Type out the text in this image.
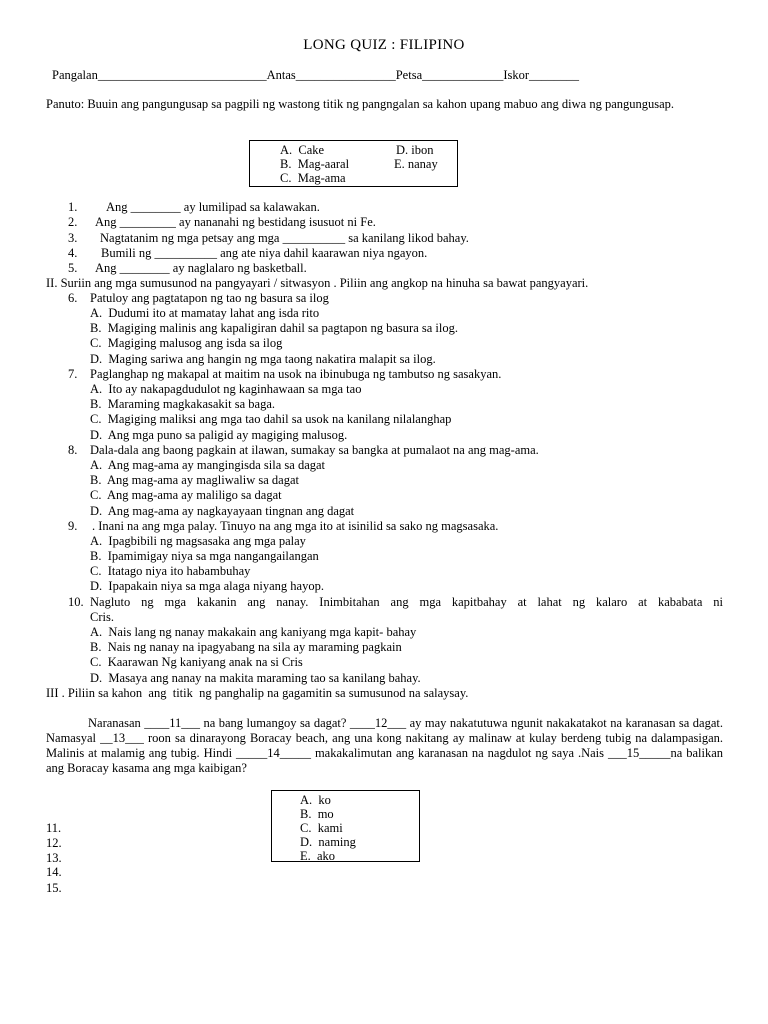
LONG QUIZ : FILIPINO
Pangalan___________________________Antas________________Petsa_____________Iskor________
Panuto: Buuin ang pangungusap sa pagpili ng wastong titik ng pangngalan sa kahon upang mabuo ang diwa ng pangungusap.
A.  Cake
B.  Mag-aaral
C.  Mag-ama
D. ibon
E. nanay
1. Ang ________ ay lumilipad sa kalawakan.
2. Ang _________ ay nananahi ng bestidang isusuot ni Fe.
3. Nagtatanim ng mga petsay ang mga __________ sa kanilang likod bahay.
4. Bumili ng __________ ang ate niya dahil kaarawan niya ngayon.
5. Ang ________ ay naglalaro ng basketball.
II. Suriin ang mga sumusunod na pangyayari / sitwasyon . Piliin ang angkop na hinuha sa bawat pangyayari.
6. Patuloy ang pagtatapon ng tao ng basura sa ilog
A.  Dudumi ito at mamatay lahat ang isda rito
B.  Magiging malinis ang kapaligiran dahil sa pagtapon ng basura sa ilog.
C.  Magiging malusog ang isda sa ilog
D.  Maging sariwa ang hangin ng mga taong nakatira malapit sa ilog.
7. Paglanghap ng makapal at maitim na usok na ibinubuga ng tambutso ng sasakyan.
A.  Ito ay nakapagdudulot ng kaginhawaan sa mga tao
B.  Maraming magkakasakit sa baga.
C.  Magiging maliksi ang mga tao dahil sa usok na kanilang nilalanghap
D.  Ang mga puno sa paligid ay magiging malusog.
8. Dala-dala ang baong pagkain at ilawan, sumakay sa bangka at pumalaot na ang mag-ama.
A.  Ang mag-ama ay mangingisda sila sa dagat
B.  Ang mag-ama ay magliwaliw sa dagat
C.  Ang mag-ama ay maliligo sa dagat
D.  Ang mag-ama ay nagkayayaan tingnan ang dagat
9. . Inani na ang mga palay. Tinuyo na ang mga ito at isinilid sa sako ng magsasaka.
A.  Ipagbibili ng magsasaka ang mga palay
B.  Ipamimigay niya sa mga nangangailangan
C.  Itatago niya ito habambuhay
D.  Ipapakain niya sa mga alaga niyang hayop.
10. Nagluto ng mga kakanin ang nanay. Inimbitahan ang mga kapitbahay at lahat ng kalaro at kababata ni
Cris.
A.  Nais lang ng nanay makakain ang kaniyang mga kapit- bahay
B.  Nais ng nanay na ipagyabang na sila ay maraming pagkain
C.  Kaarawan Ng kaniyang anak na si Cris
D.  Masaya ang nanay na makita maraming tao sa kanilang bahay.
III . Piliin sa kahon  ang  titik  ng panghalip na gagamitin sa sumusunod na salaysay.
Naranasan ____11___ na bang lumangoy sa dagat? ____12___ ay may nakatutuwa ngunit nakakatakot na karanasan sa dagat. Namasyal __13___ roon sa dinarayong Boracay beach, ang una kong nakitang ay malinaw at kulay berdeng tubig na dalampasigan. Malinis at malamig ang tubig. Hindi _____14_____ makakalimutan ang karanasan na nagdulot ng saya .Nais ___15_____na balikan ang Boracay kasama ang mga kaibigan?
A.  ko
B.  mo
C.  kami
D.  naming
E.  ako
11.
12.
13.
14.
15.
